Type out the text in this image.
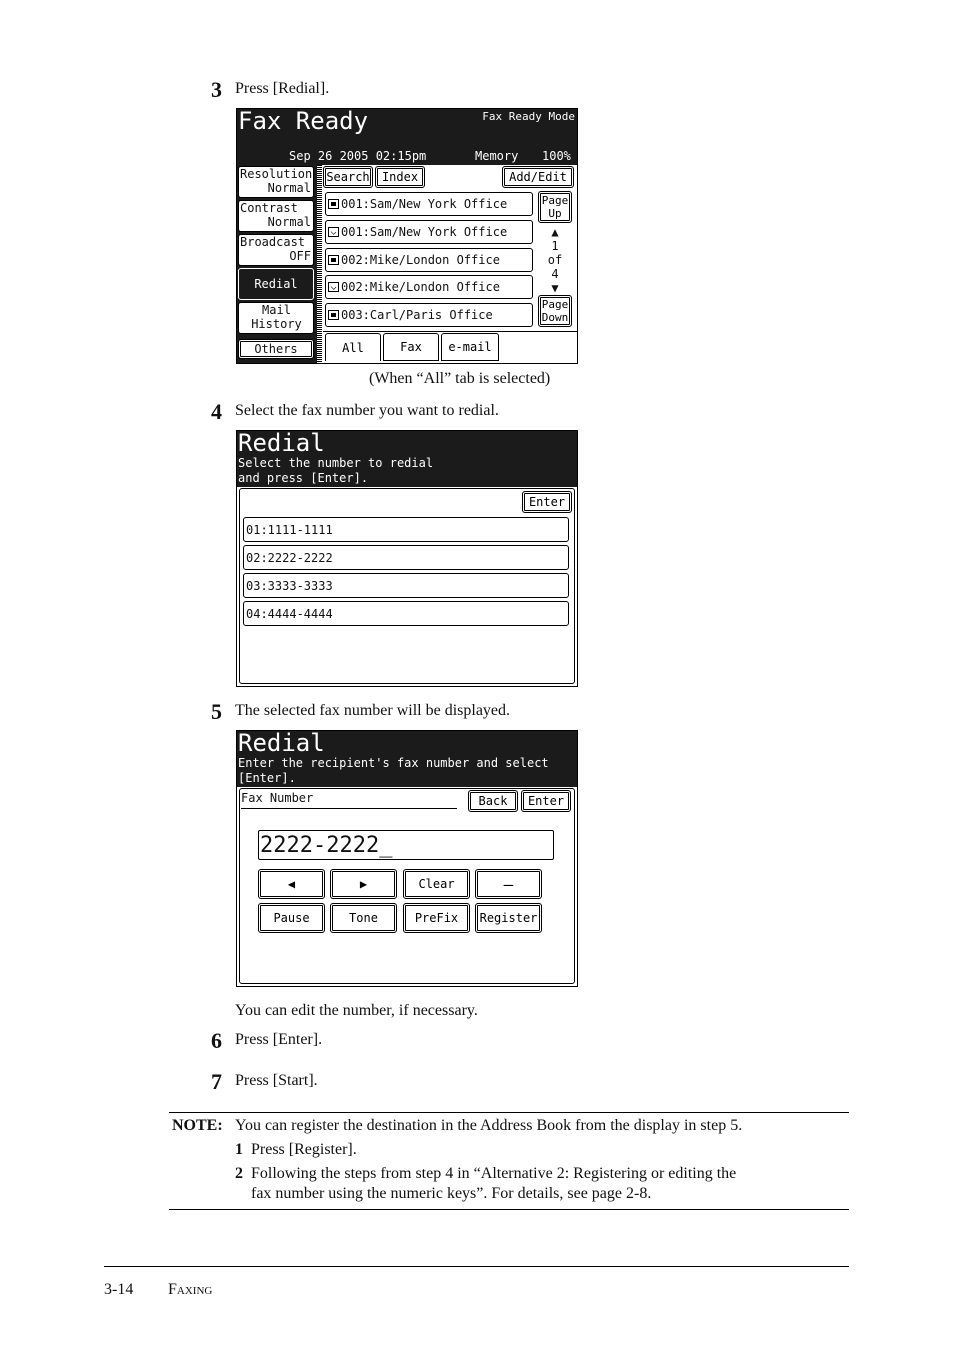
3 Press [Redial].
Fax Ready	Fax Ready Mode
Sep 26 2005 02:15pm	Memory 100%
Resolution
Normal
Contrast
Normal
Broadcast
OFF
Redial
Mail
History
Others
Search	Index	Add/Edit
001:Sam/New York Office
001:Sam/New York Office
002:Mike/London Office
002:Mike/London Office
003:Carl/Paris Office
Page
Up
▲
1
of
4
▼
Page
Down
All	Fax	e-mail
(When “All” tab is selected)
4 Select the fax number you want to redial.
Redial
Select the number to redial
and press [Enter].
Enter
01:1111-1111
02:2222-2222
03:3333-3333
04:4444-4444
5 The selected fax number will be displayed.
Redial
Enter the recipient's fax number and select
[Enter].
Fax Number	Back	Enter
2222-2222_
◀	▶	Clear	–
Pause	Tone	PreFix	Register
You can edit the number, if necessary.
6 Press [Enter].
7 Press [Start].
NOTE: You can register the destination in the Address Book from the display in step 5.
1 Press [Register].
2 Following the steps from step 4 in “Alternative 2: Registering or editing the
fax number using the numeric keys”. For details, see page 2-8.
3-14 Faxing
